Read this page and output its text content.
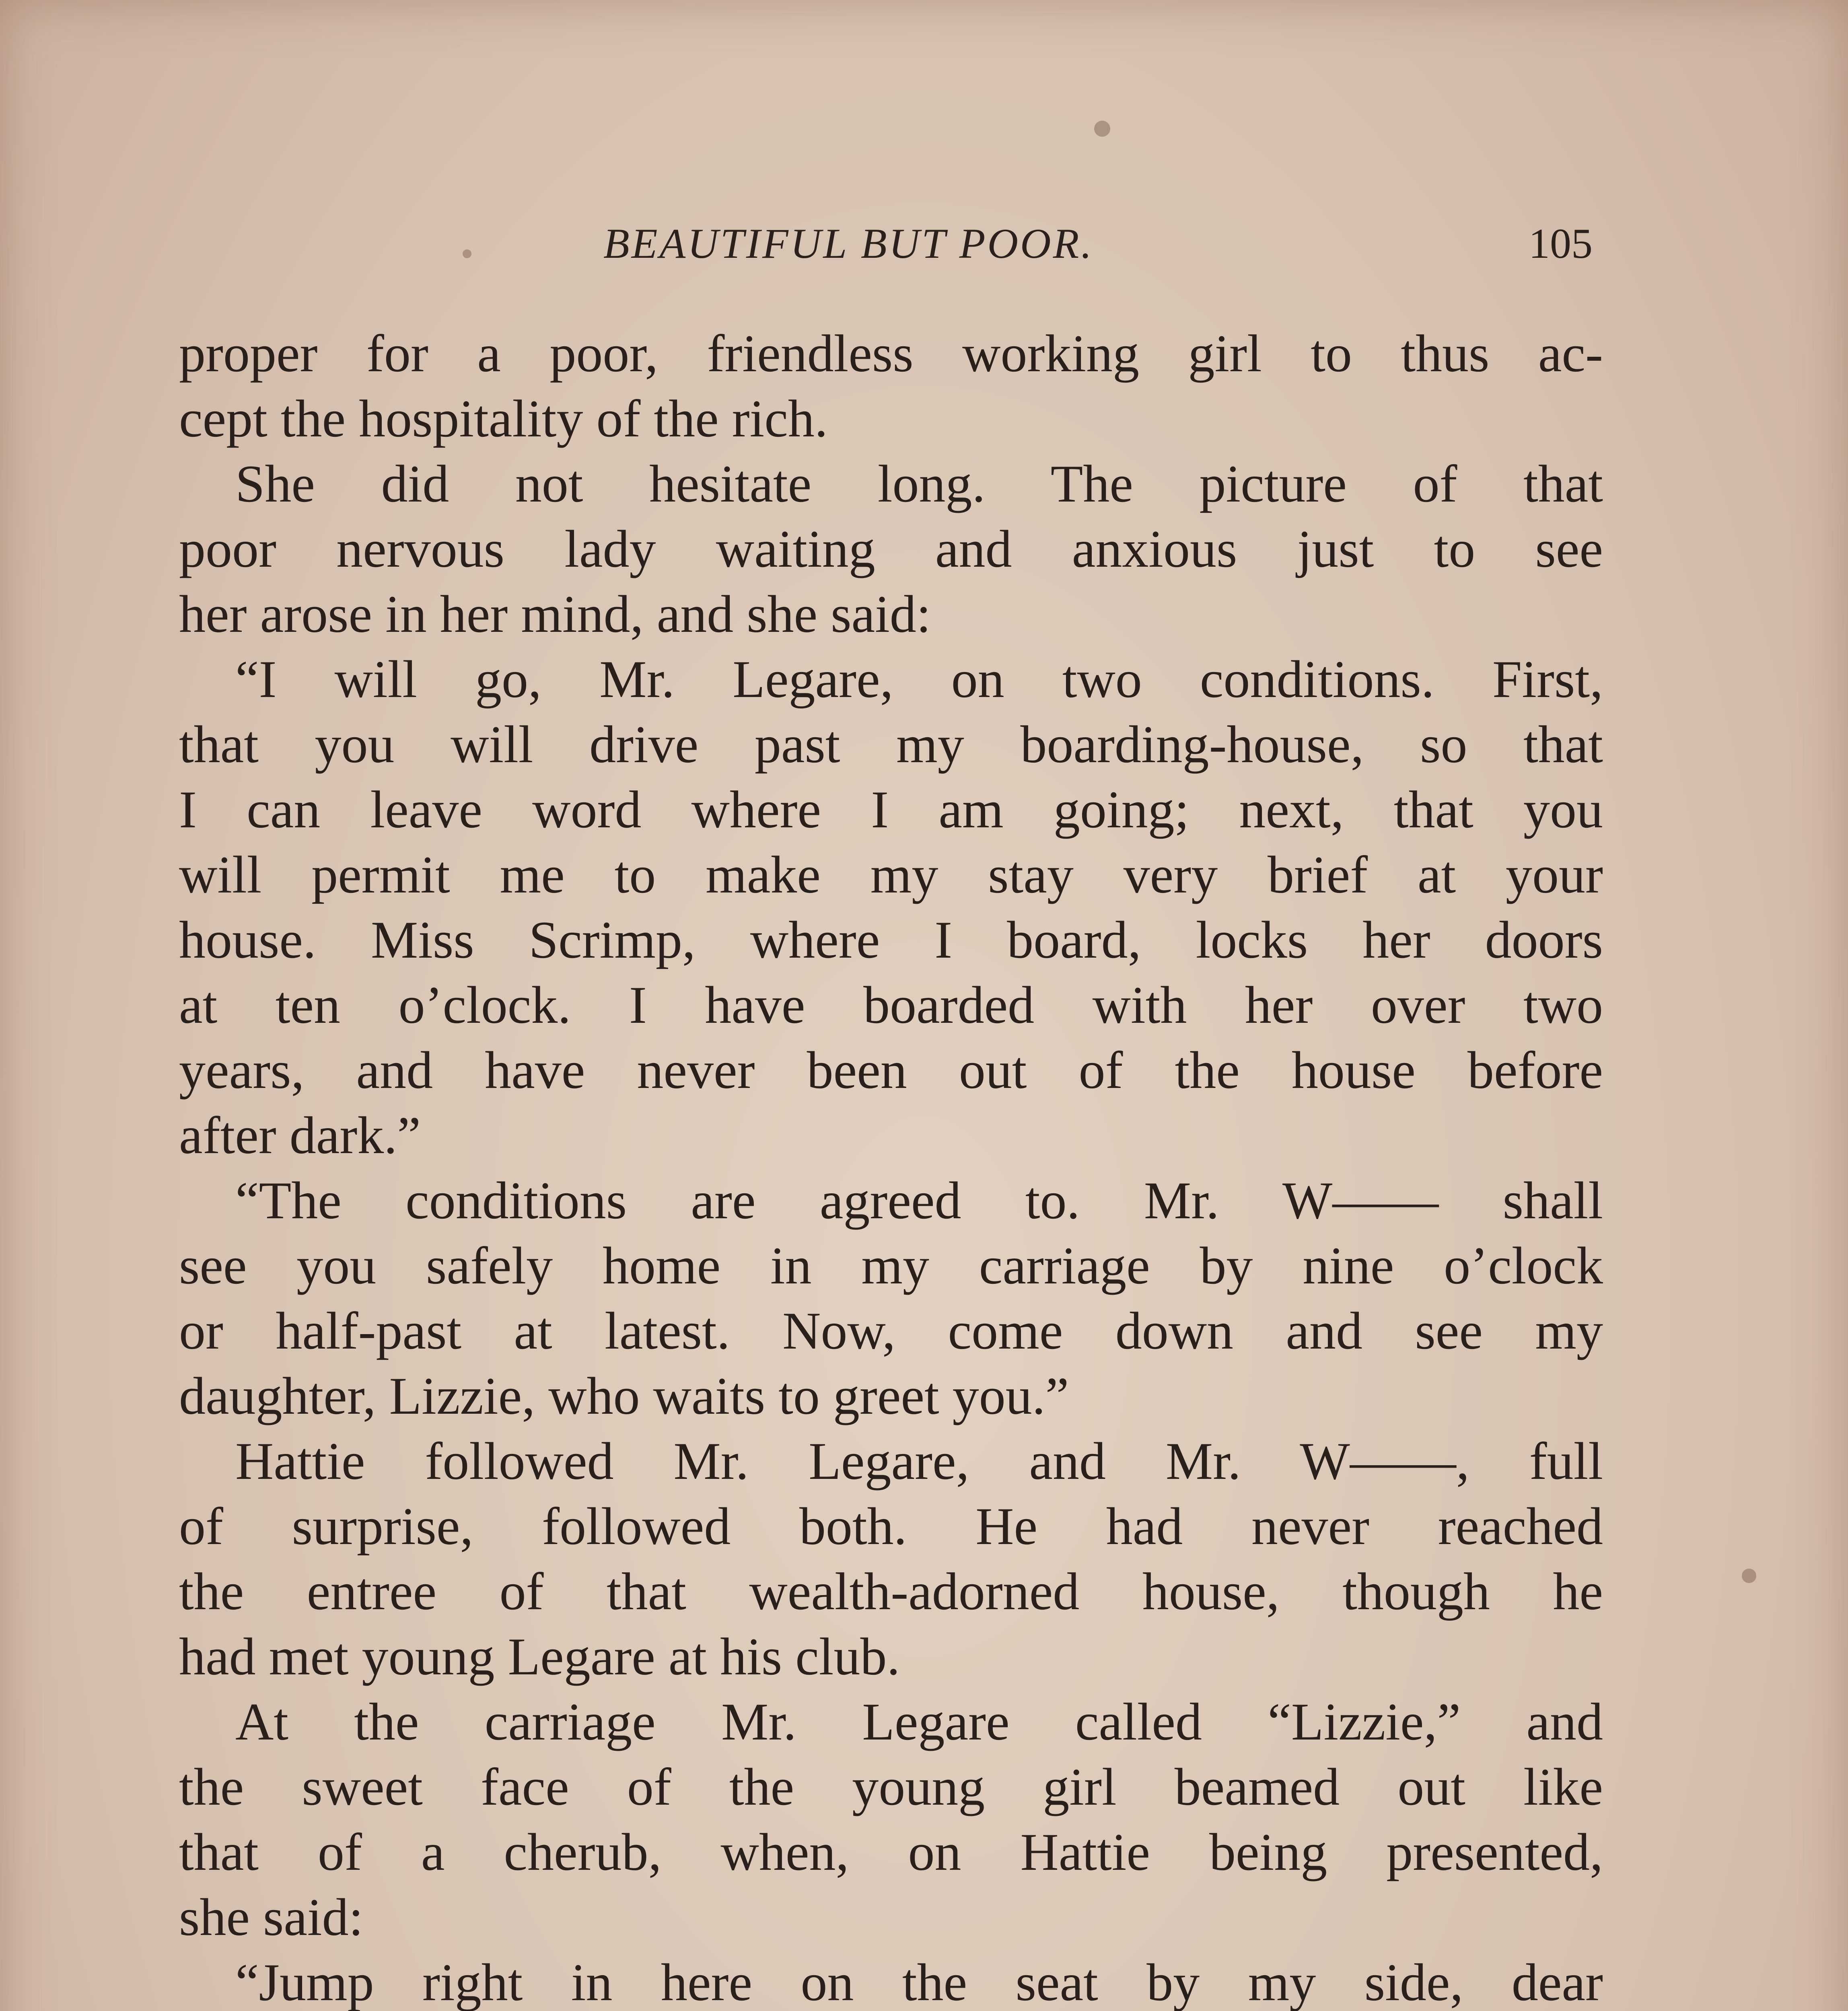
BEAUTIFUL BUT POOR.	105
proper for a poor, friendless working girl to thus ac-
cept the hospitality of the rich.
She did not hesitate long. The picture of that
poor nervous lady waiting and anxious just to see
her arose in her mind, and she said:
“I will go, Mr. Legare, on two conditions. First,
that you will drive past my boarding-house, so that
I can leave word where I am going; next, that you
will permit me to make my stay very brief at your
house. Miss Scrimp, where I board, locks her doors
at ten o’clock. I have boarded with her over two
years, and have never been out of the house before
after dark.”
“The conditions are agreed to. Mr. W—— shall
see you safely home in my carriage by nine o’clock
or half-past at latest. Now, come down and see my
daughter, Lizzie, who waits to greet you.”
Hattie followed Mr. Legare, and Mr. W——, full
of surprise, followed both. He had never reached
the entree of that wealth-adorned house, though he
had met young Legare at his club.
At the carriage Mr. Legare called “Lizzie,” and
the sweet face of the young girl beamed out like
that of a cherub, when, on Hattie being presented,
she said:
“Jump right in here on the seat by my side, dear
